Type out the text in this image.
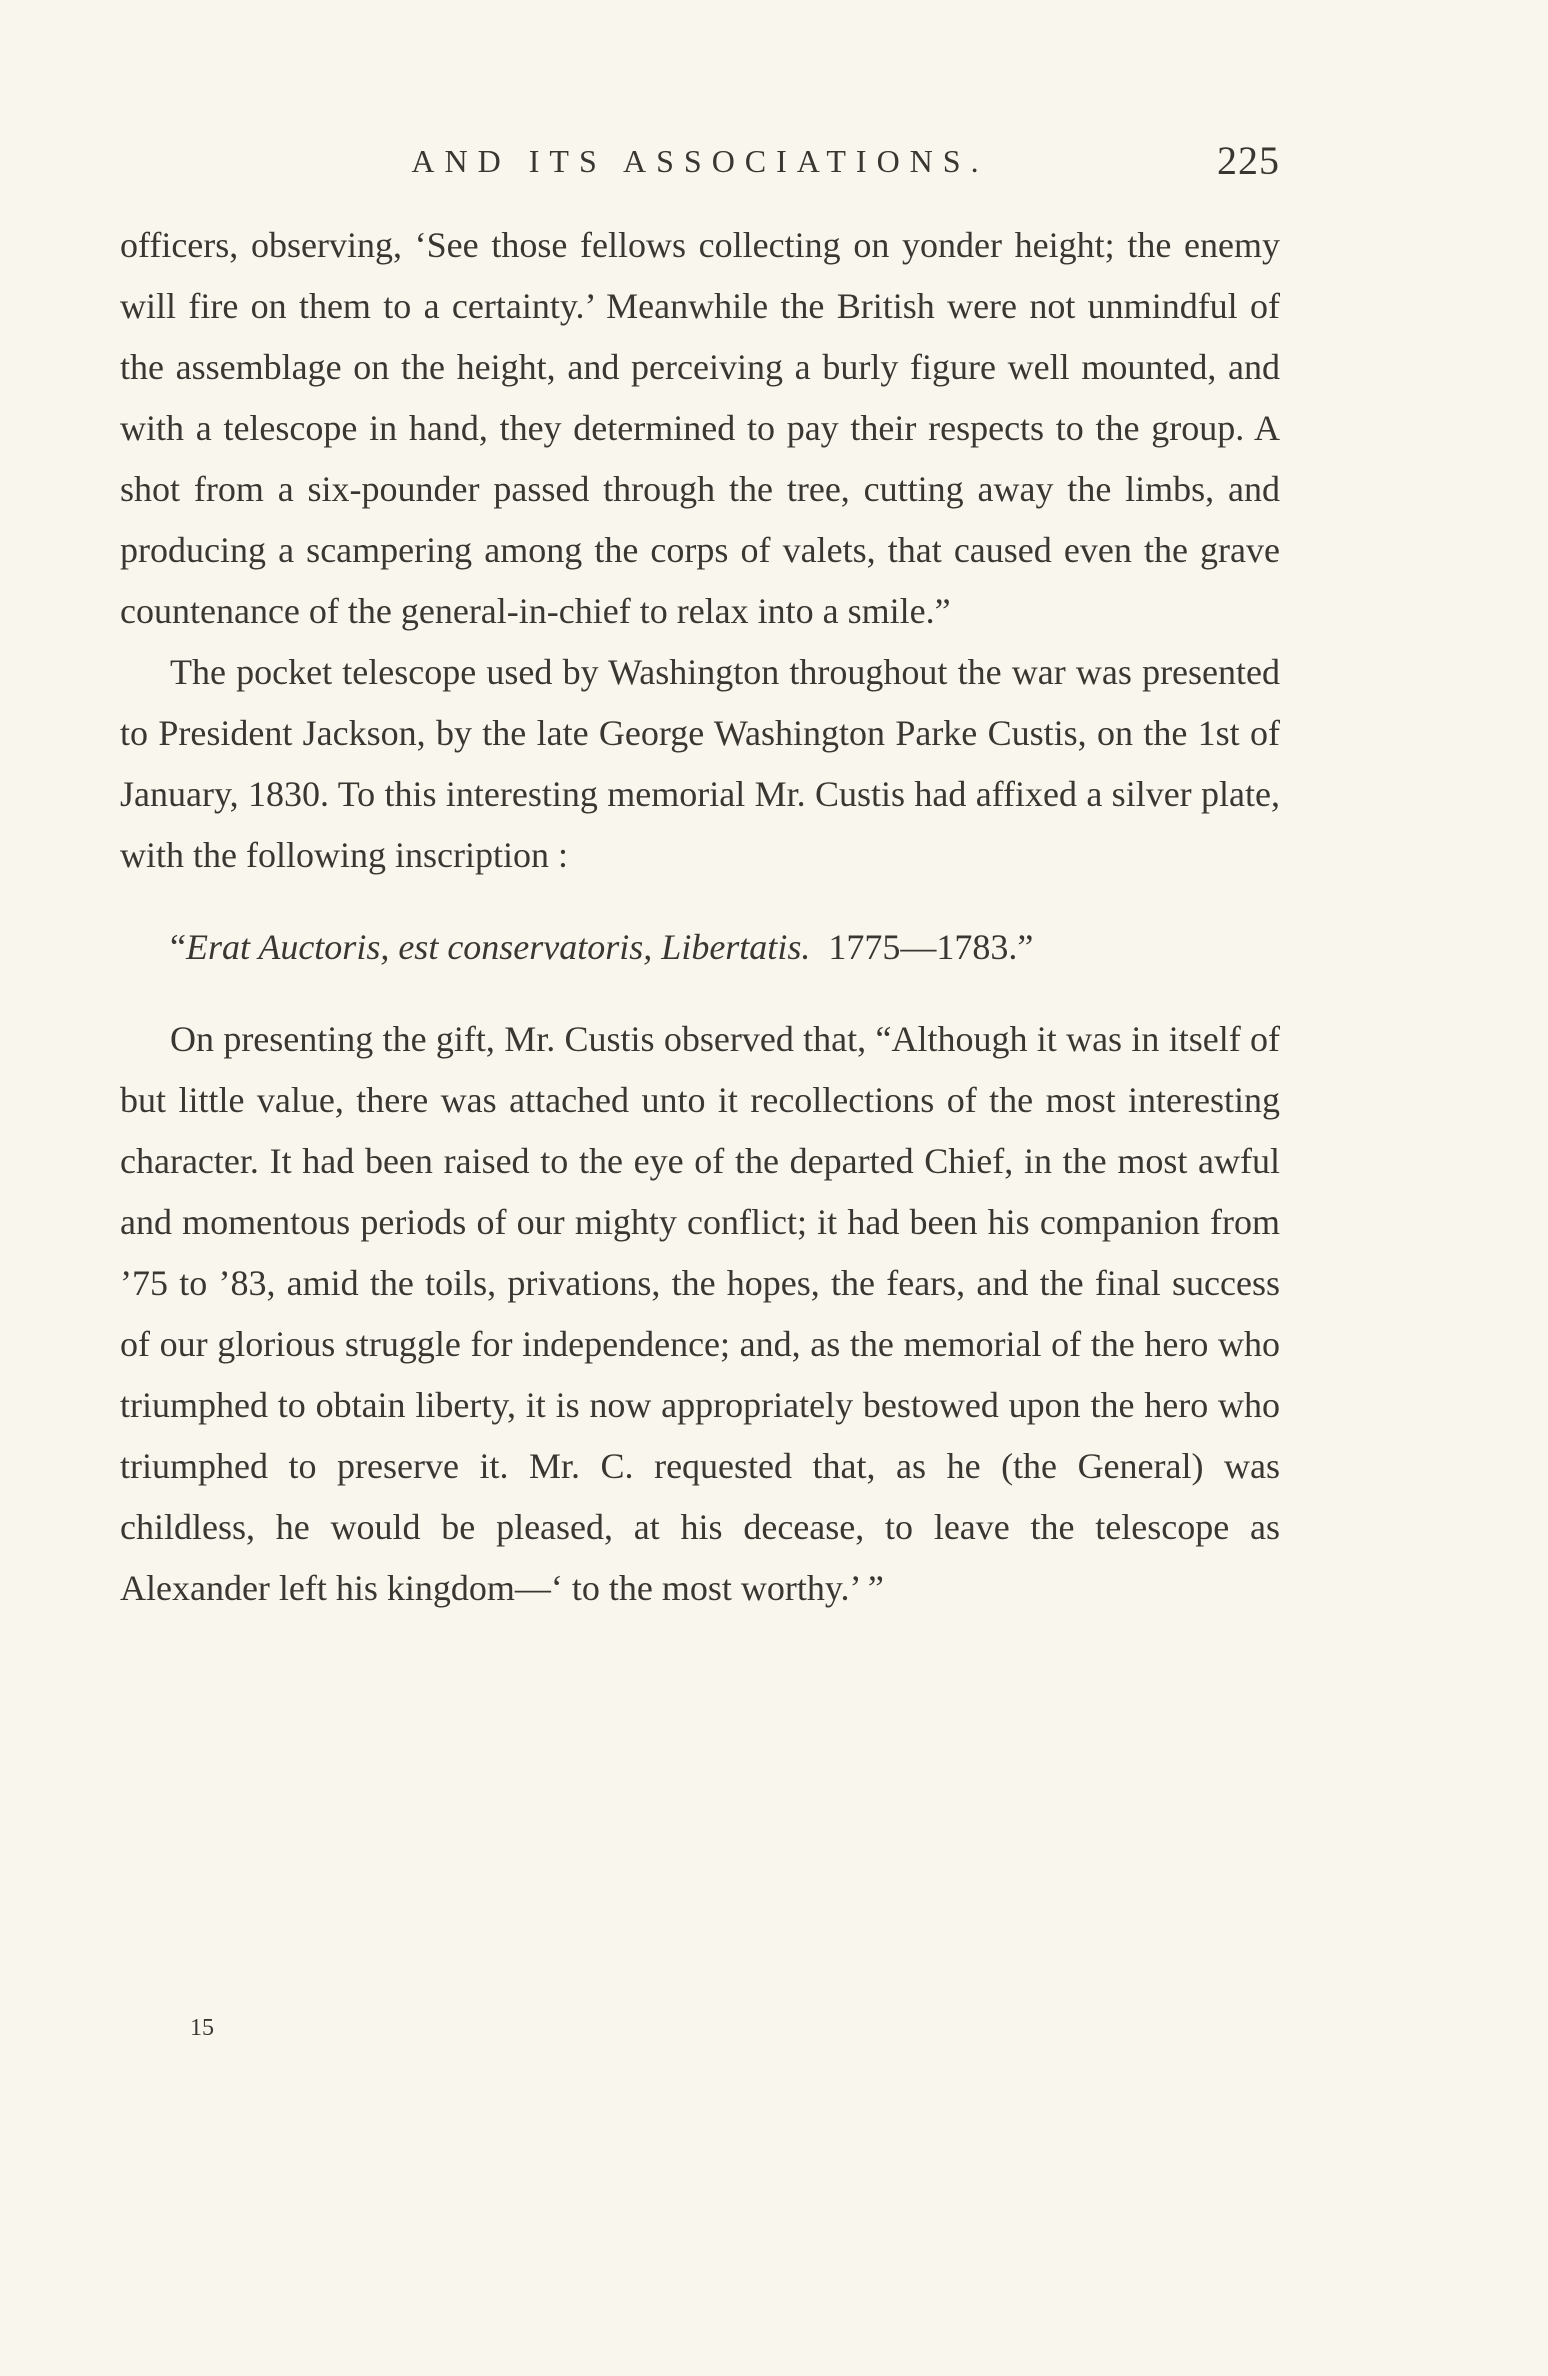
AND ITS ASSOCIATIONS.	225

officers, observing, ‘See those fellows collecting on yonder height; the enemy will fire on them to a certainty.’ Meanwhile the British were not unmindful of the assemblage on the height, and perceiving a burly figure well mounted, and with a telescope in hand, they determined to pay their respects to the group. A shot from a six-pounder passed through the tree, cutting away the limbs, and producing a scampering among the corps of valets, that caused even the grave countenance of the general-in-chief to relax into a smile.”

The pocket telescope used by Washington throughout the war was presented to President Jackson, by the late George Washington Parke Custis, on the 1st of January, 1830. To this interesting memorial Mr. Custis had affixed a silver plate, with the following inscription :

“Erat Auctoris, est conservatoris, Libertatis. 1775—1783.”

On presenting the gift, Mr. Custis observed that, “Although it was in itself of but little value, there was attached unto it recollections of the most interesting character. It had been raised to the eye of the departed Chief, in the most awful and momentous periods of our mighty conflict; it had been his companion from ’75 to ’83, amid the toils, privations, the hopes, the fears, and the final success of our glorious struggle for independence; and, as the memorial of the hero who triumphed to obtain liberty, it is now appropriately bestowed upon the hero who triumphed to preserve it. Mr. C. requested that, as he (the General) was childless, he would be pleased, at his decease, to leave the telescope as Alexander left his kingdom—‘ to the most worthy.’ ”

15
